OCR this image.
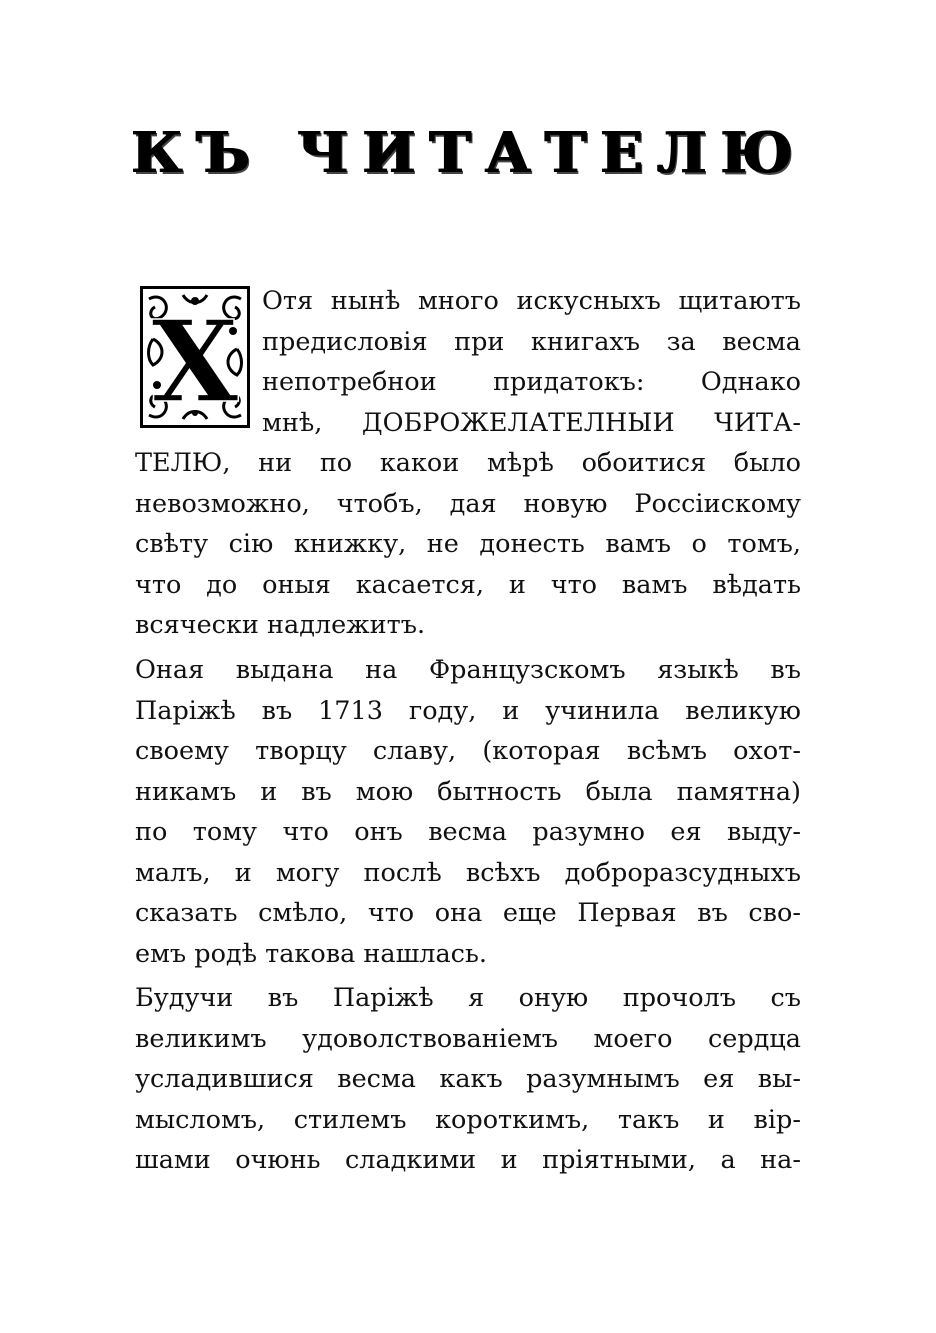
КЪ ЧИТАТЕЛЮ
Х Отя нынѣ много искусныхъ щитаютъ
предисловія при книгахъ за весма
непотребнои придатокъ: Однако
мнѣ, ДОБРОЖЕЛАТЕЛНЫИ ЧИТА-
ТЕЛЮ, ни по какои мѣрѣ обоитися было
невозможно, чтобъ, дая новую Россiискому
свѣту сiю книжку, не донесть вамъ о томъ,
что до оныя касается, и что вамъ вѣдать
всячески надлежитъ.
Оная выдана на Французскомъ языкѣ въ
Парiжѣ въ 1713 году, и учинила великую
своему творцу славу, (которая всѣмъ охот-
никамъ и въ мою бытность была памятна)
по тому что онъ весма разумно ея выду-
малъ, и могу послѣ всѣхъ доброразсудныхъ
сказать смѣло, что она еще Первая въ сво-
емъ родѣ такова нашлась.
Будучи въ Парiжѣ я оную прочолъ съ
великимъ удоволствованiемъ моего сердца
усладившися весма какъ разумнымъ ея вы-
мысломъ, стилемъ короткимъ, такъ и вiр-
шами очюнь сладкими и прiятными, а на-
